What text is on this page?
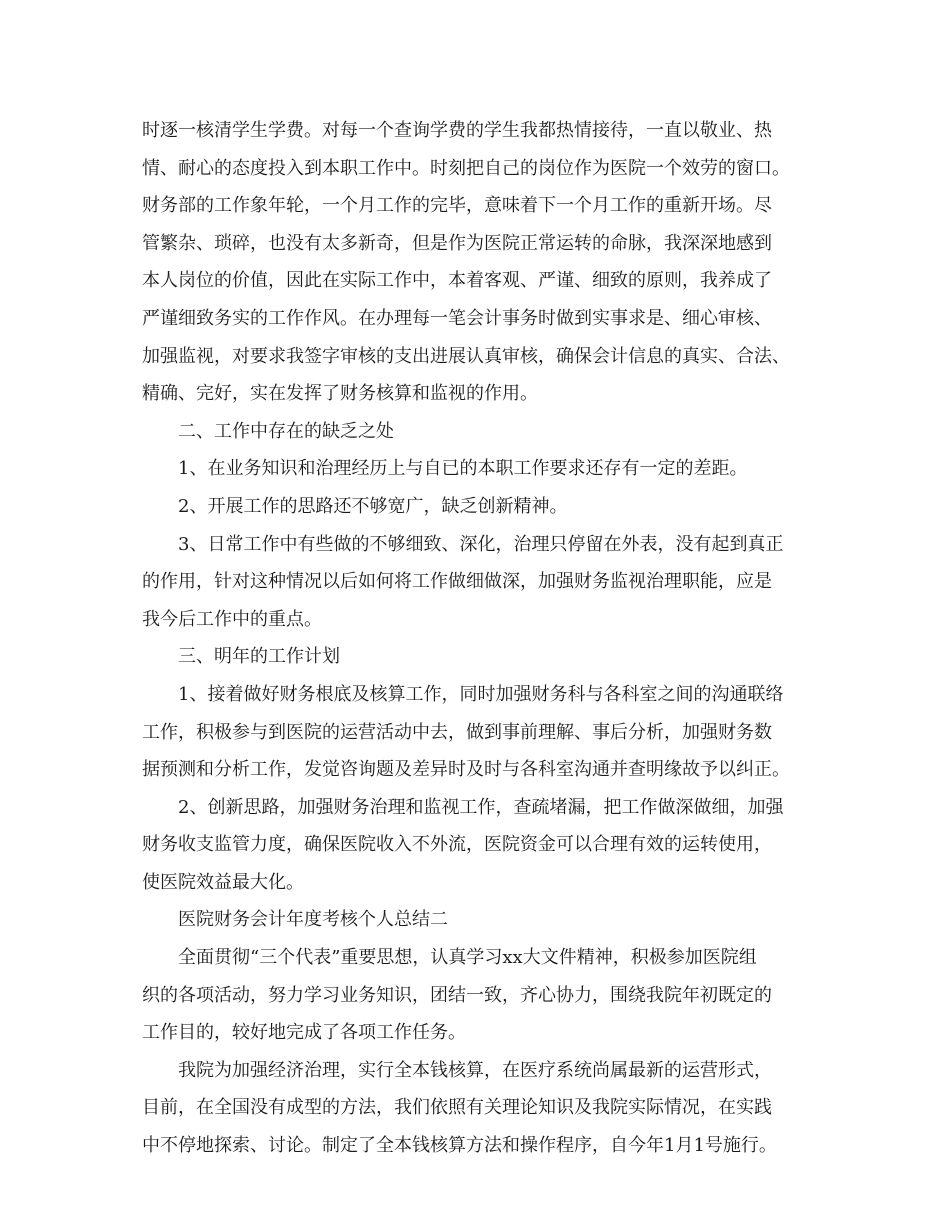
时逐一核清学生学费。对每一个查询学费的学生我都热情接待，一直以敬业、热
情、耐心的态度投入到本职工作中。时刻把自己的岗位作为医院一个效劳的窗口。
财务部的工作象年轮，一个月工作的完毕，意味着下一个月工作的重新开场。尽
管繁杂、琐碎，也没有太多新奇，但是作为医院正常运转的命脉，我深深地感到
本人岗位的价值，因此在实际工作中，本着客观、严谨、细致的原则，我养成了
严谨细致务实的工作作风。在办理每一笔会计事务时做到实事求是、细心审核、
加强监视，对要求我签字审核的支出进展认真审核，确保会计信息的真实、合法、
精确、完好，实在发挥了财务核算和监视的作用。
二、工作中存在的缺乏之处
1、在业务知识和治理经历上与自已的本职工作要求还存有一定的差距。
2、开展工作的思路还不够宽广，缺乏创新精神。
3、日常工作中有些做的不够细致、深化，治理只停留在外表，没有起到真正
的作用，针对这种情况以后如何将工作做细做深，加强财务监视治理职能，应是
我今后工作中的重点。
三、明年的工作计划
1、接着做好财务根底及核算工作，同时加强财务科与各科室之间的沟通联络
工作，积极参与到医院的运营活动中去，做到事前理解、事后分析，加强财务数
据预测和分析工作，发觉咨询题及差异时及时与各科室沟通并查明缘故予以纠正。
2、创新思路，加强财务治理和监视工作，查疏堵漏，把工作做深做细，加强
财务收支监管力度，确保医院收入不外流，医院资金可以合理有效的运转使用，
使医院效益最大化。
医院财务会计年度考核个人总结二
全面贯彻“三个代表”重要思想，认真学习xx大文件精神，积极参加医院组
织的各项活动，努力学习业务知识，团结一致，齐心协力，围绕我院年初既定的
工作目的，较好地完成了各项工作任务。
我院为加强经济治理，实行全本钱核算，在医疗系统尚属最新的运营形式，
目前，在全国没有成型的方法，我们依照有关理论知识及我院实际情况，在实践
中不停地探索、讨论。制定了全本钱核算方法和操作程序，自今年1月1号施行。
